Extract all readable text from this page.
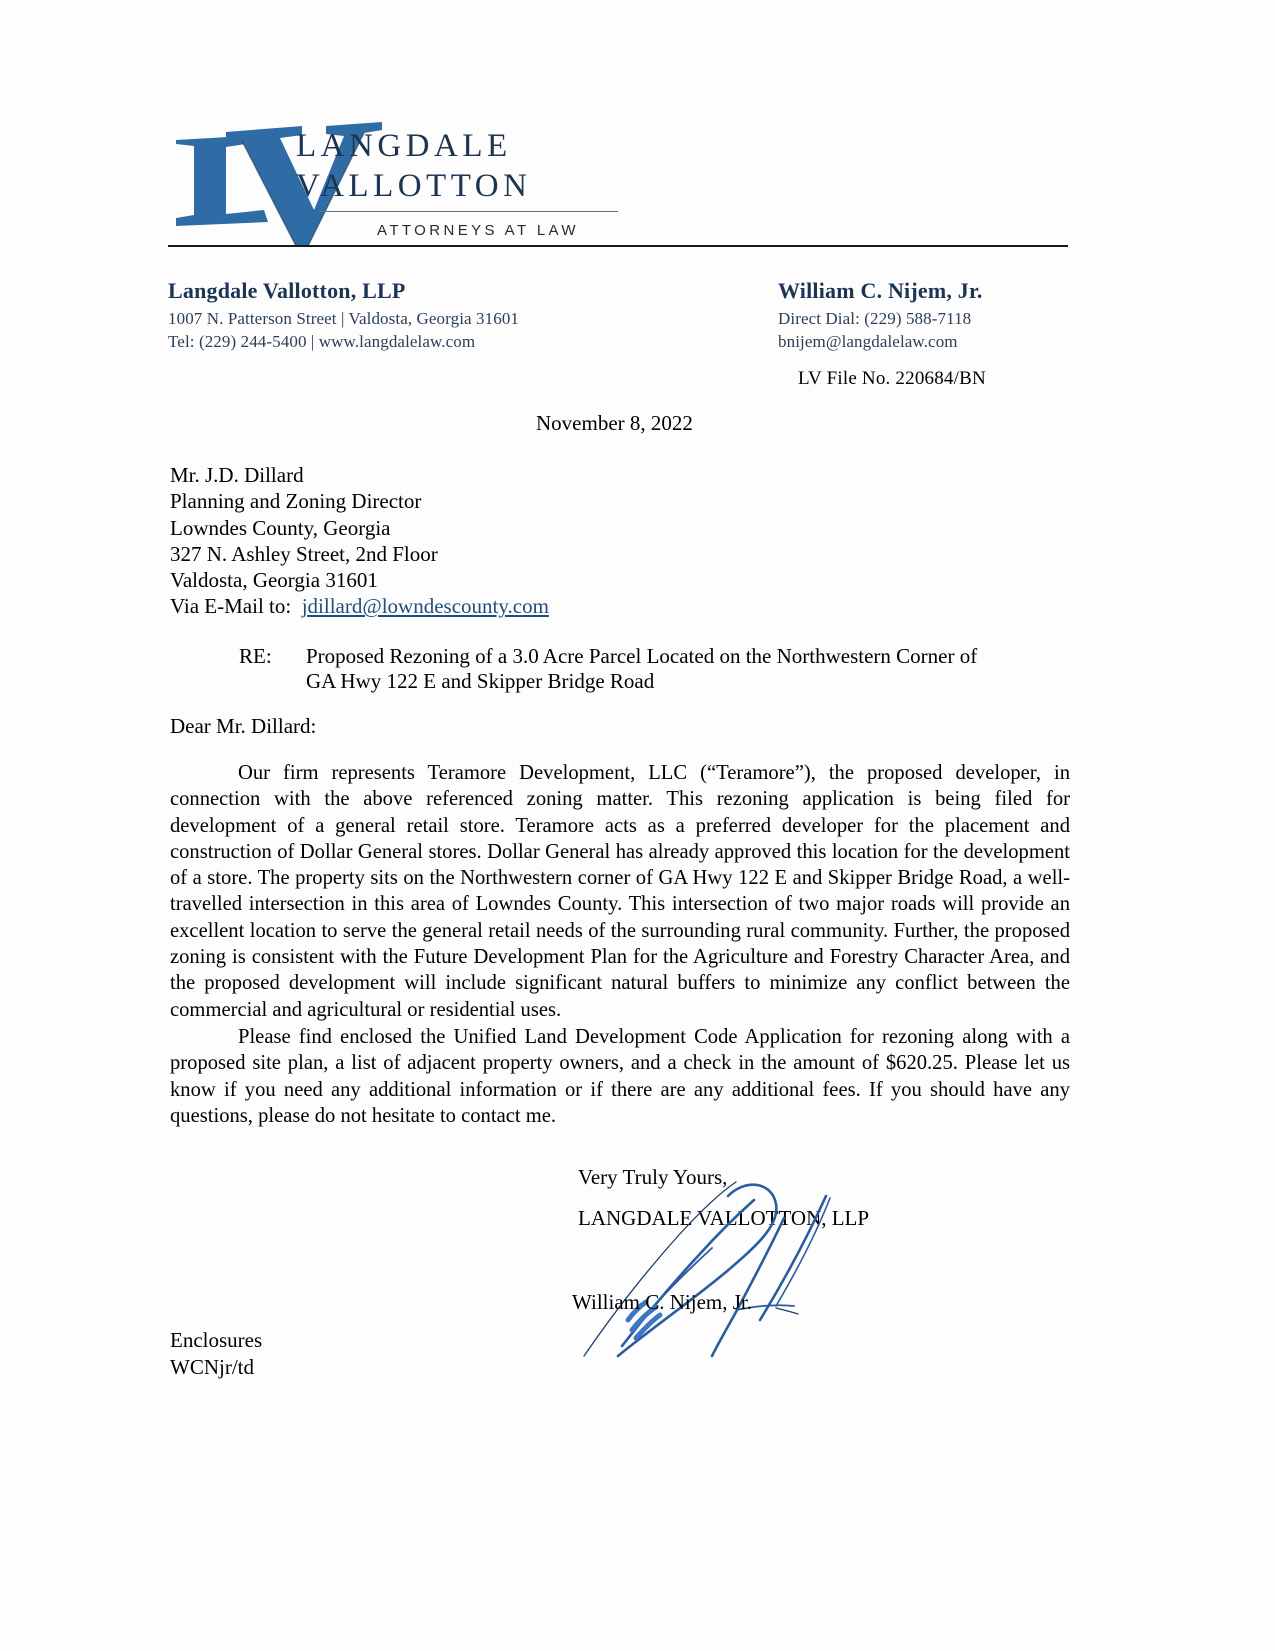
LANGDALE
VALLOTTON
ATTORNEYS AT LAW
Langdale Vallotton, LLP
1007 N. Patterson Street | Valdosta, Georgia 31601
Tel: (229) 244-5400 | www.langdalelaw.com
William C. Nijem, Jr.
Direct Dial: (229) 588-7118
bnijem@langdalelaw.com
LV File No. 220684/BN
November 8, 2022
Mr. J.D. Dillard
Planning and Zoning Director
Lowndes County, Georgia
327 N. Ashley Street, 2nd Floor
Valdosta, Georgia 31601
Via E-Mail to: jdillard@lowndescounty.com
RE:	Proposed Rezoning of a 3.0 Acre Parcel Located on the Northwestern Corner of
GA Hwy 122 E and Skipper Bridge Road
Dear Mr. Dillard:
Our firm represents Teramore Development, LLC (“Teramore”), the proposed developer, in connection with the above referenced zoning matter. This rezoning application is being filed for development of a general retail store. Teramore acts as a preferred developer for the placement and construction of Dollar General stores. Dollar General has already approved this location for the development of a store. The property sits on the Northwestern corner of GA Hwy 122 E and Skipper Bridge Road, a well-travelled intersection in this area of Lowndes County. This intersection of two major roads will provide an excellent location to serve the general retail needs of the surrounding rural community. Further, the proposed zoning is consistent with the Future Development Plan for the Agriculture and Forestry Character Area, and the proposed development will include significant natural buffers to minimize any conflict between the commercial and agricultural or residential uses.
Please find enclosed the Unified Land Development Code Application for rezoning along with a proposed site plan, a list of adjacent property owners, and a check in the amount of $620.25. Please let us know if you need any additional information or if there are any additional fees. If you should have any questions, please do not hesitate to contact me.
Very Truly Yours,
LANGDALE VALLOTTON, LLP
William C. Nijem, Jr.
Enclosures
WCNjr/td
